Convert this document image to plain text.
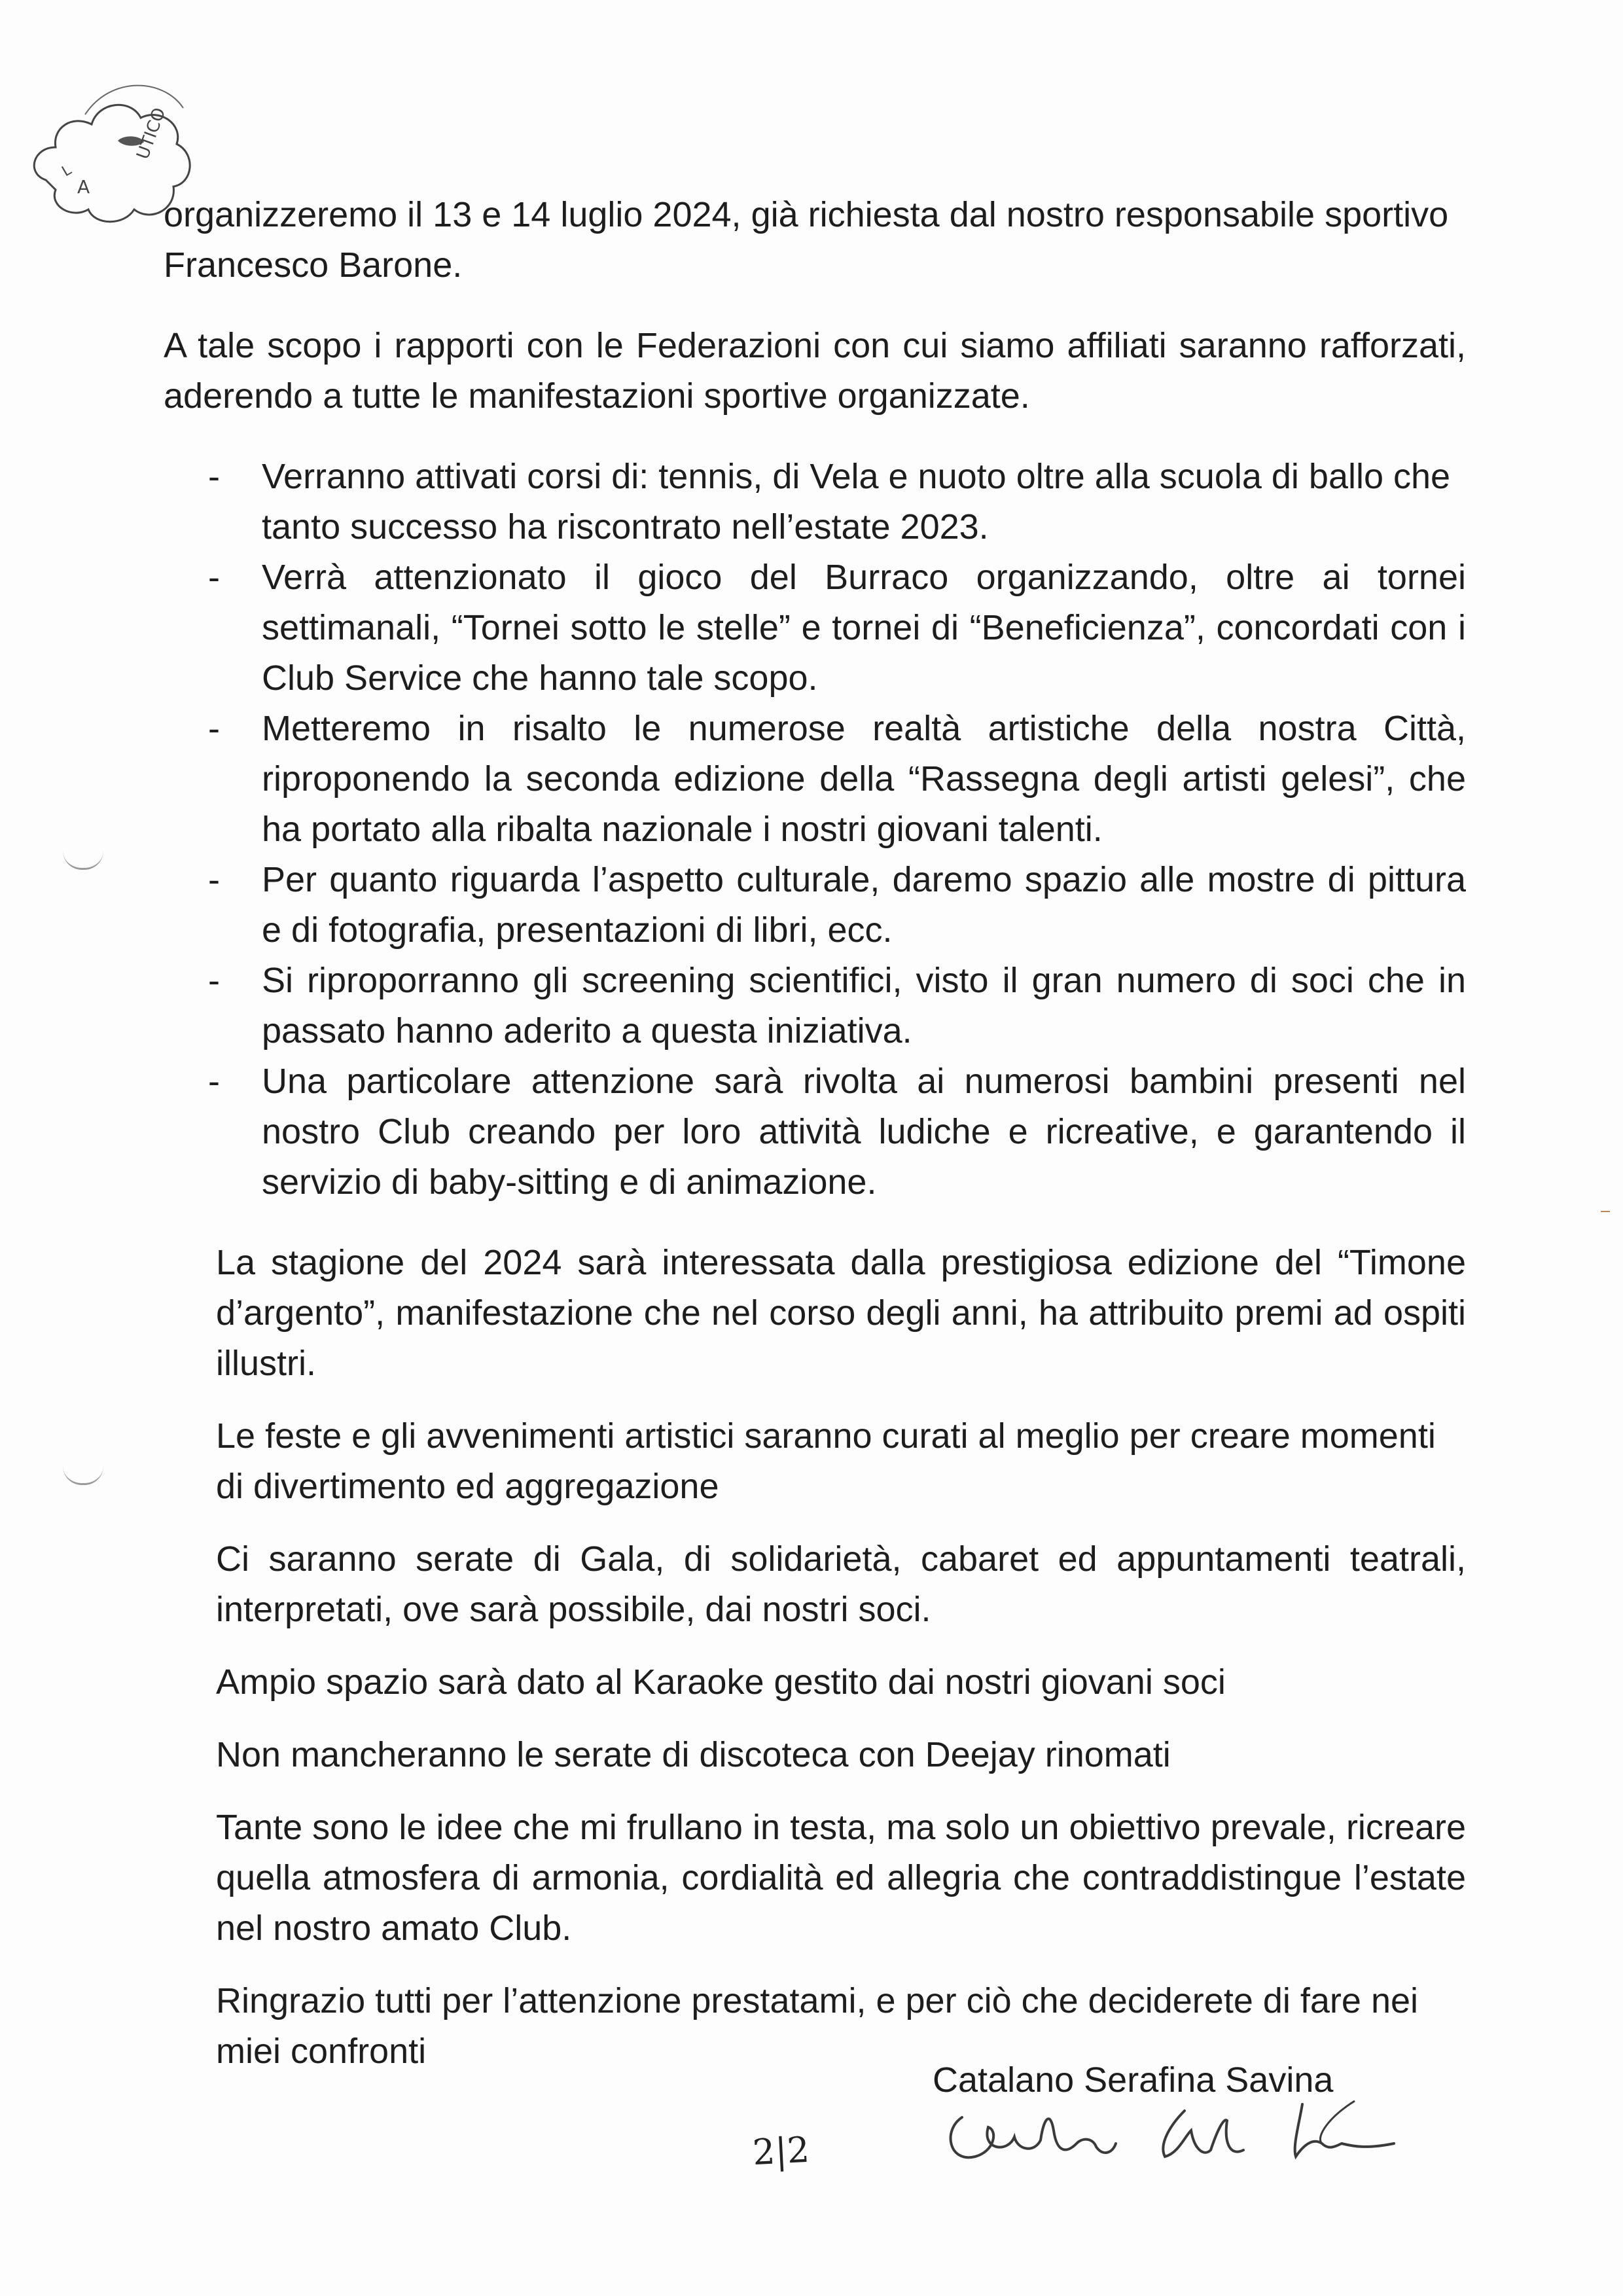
UTICO
A
L

organizzeremo il 13 e 14 luglio 2024, già richiesta dal nostro responsabile sportivo Francesco Barone.

A tale scopo i rapporti con le Federazioni con cui siamo affiliati saranno rafforzati, aderendo a tutte le manifestazioni sportive organizzate.

- Verranno attivati corsi di: tennis, di Vela e nuoto oltre alla scuola di ballo che tanto successo ha riscontrato nell’estate 2023.
- Verrà attenzionato il gioco del Burraco organizzando, oltre ai tornei settimanali, “Tornei sotto le stelle” e tornei di “Beneficienza”, concordati con i Club Service che hanno tale scopo.
- Metteremo in risalto le numerose realtà artistiche della nostra Città, riproponendo la seconda edizione della “Rassegna degli artisti gelesi”, che ha portato alla ribalta nazionale i nostri giovani talenti.
- Per quanto riguarda l’aspetto culturale, daremo spazio alle mostre di pittura e di fotografia, presentazioni di libri, ecc.
- Si riproporranno gli screening scientifici, visto il gran numero di soci che in passato hanno aderito a questa iniziativa.
- Una particolare attenzione sarà rivolta ai numerosi bambini presenti nel nostro Club creando per loro attività ludiche e ricreative, e garantendo il servizio di baby-sitting e di animazione.

La stagione del 2024 sarà interessata dalla prestigiosa edizione del “Timone d’argento”, manifestazione che nel corso degli anni, ha attribuito premi ad ospiti illustri.

Le feste e gli avvenimenti artistici saranno curati al meglio per creare momenti di divertimento ed aggregazione

Ci saranno serate di Gala, di solidarietà, cabaret ed appuntamenti teatrali, interpretati, ove sarà possibile, dai nostri soci.

Ampio spazio sarà dato al Karaoke gestito dai nostri giovani soci

Non mancheranno le serate di discoteca con Deejay rinomati

Tante sono le idee che mi frullano in testa, ma solo un obiettivo prevale, ricreare quella atmosfera di armonia, cordialità ed allegria che contraddistingue l’estate nel nostro amato Club.

Ringrazio tutti per l’attenzione prestatami, e per ciò che deciderete di fare nei miei confronti

Catalano Serafina Savina
2|2
